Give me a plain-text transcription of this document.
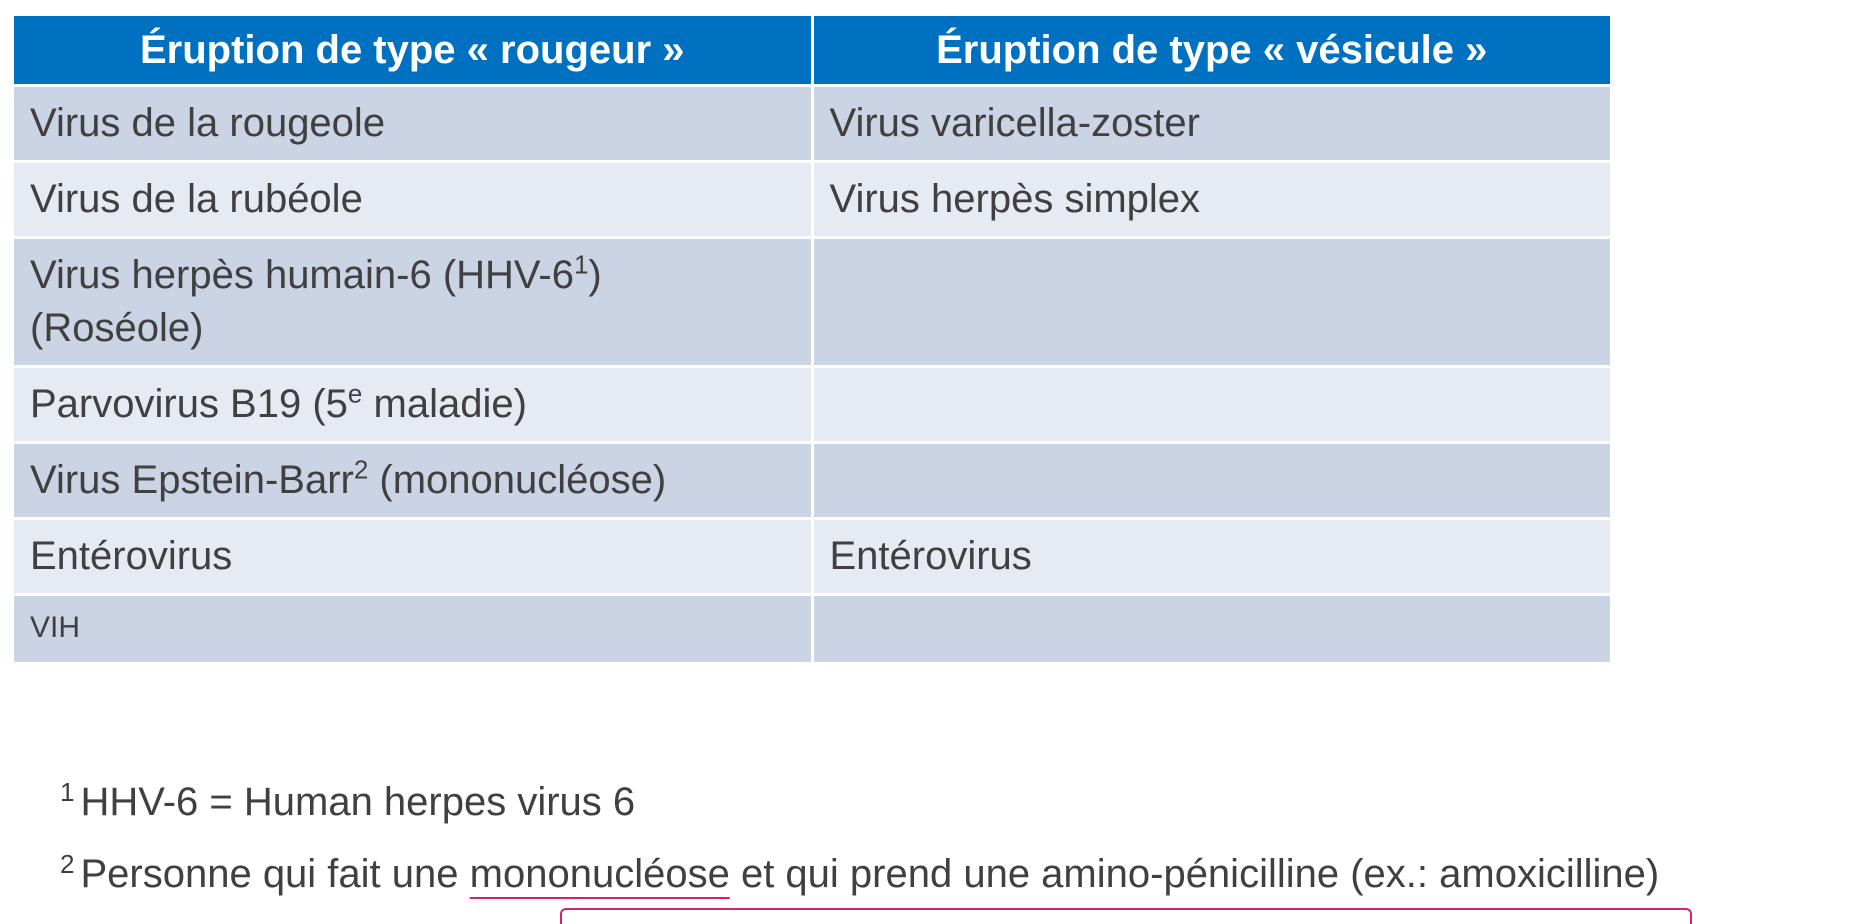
Éruption de type « rougeur »	Éruption de type « vésicule »
Virus de la rougeole	Virus varicella-zoster
Virus de la rubéole	Virus herpès simplex
Virus herpès humain-6 $(HHV-6^1)$
(Roséole)	
Parvovirus B19 (5e maladie)	
Virus Epstein-Barr$^2$ (mononucléose)	
Entérovirus	Entérovirus
VIH	
$^1$ HHV-6 = Human herpes virus 6
$^2$ Personne qui fait une mononucléose et qui prend une amino-pénicilline (ex.: amoxicilline)
